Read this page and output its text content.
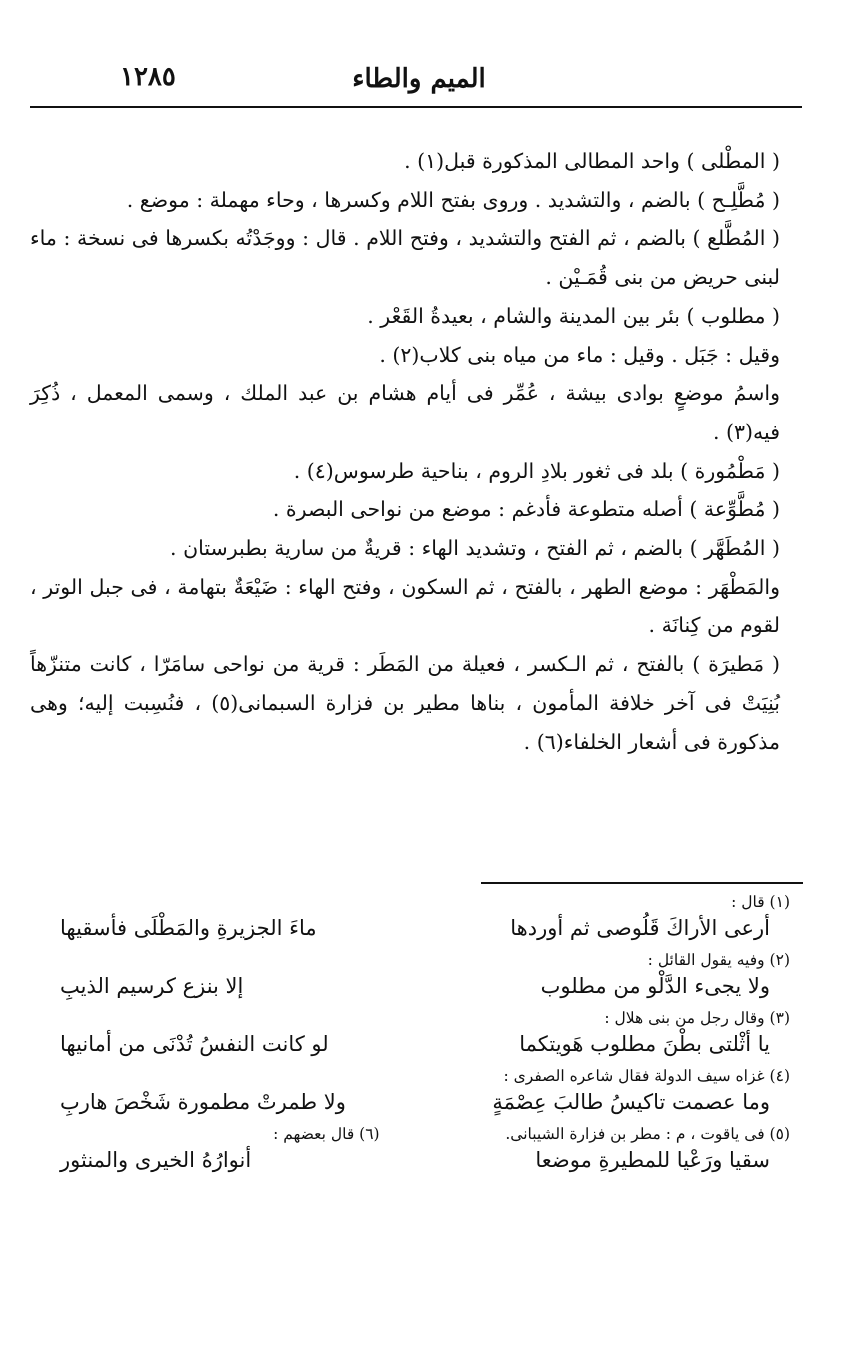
الميم والطاء
١٢٨٥

( المطْلى ) واحد المطالى المذكورة قبل(١) .

( مُطَّلِـح ) بالضم ، والتشديد . وروى بفتح اللام وكسرها ، وحاء مهملة : موضع .

( المُطَّلع ) بالضم ، ثم الفتح والتشديد ، وفتح اللام . قال : ووجَدْتُه بكسرها فى نسخة : ماء لبنى حريض من بنى قُمَـيْن .

( مطلوب ) بئر بين المدينة والشام ، بعيدةُ القَعْر .

وقيل : جَبَل . وقيل : ماء من مياه بنى كلاب(٢) .

واسمُ موضعٍ بوادى بيشة ، عُمِّر فى أيام هشام بن عبد الملك ، وسمى المعمل ، ذُكِرَ فيه(٣) .

( مَطْمُورة ) بلد فى ثغور بلادِ الروم ، بناحية طرسوس(٤) .

( مُطَّوِّعة ) أصله متطوعة فأدغم : موضع من نواحى البصرة .

( المُطَهَّر ) بالضم ، ثم الفتح ، وتشديد الهاء : قريةٌ من سارية بطبرستان .

والمَطْهَر : موضع الطهر ، بالفتح ، ثم السكون ، وفتح الهاء : ضَيْعَةٌ بتهامة ، فى جبل الوتر ، لقوم من كِنانَة .

( مَطيرَة ) بالفتح ، ثم الـكسر ، فعيلة من المَطَر : قرية من نواحى سامَرّا ، كانت متنزّهاً بُنِيَتْ فى آخر خلافة المأمون ، بناها مطير بن فزارة السبمانى(٥) ، فنُسِبت إليه؛ وهى مذكورة فى أشعار الخلفاء(٦) .

(١) قال :

أرعى الأراكَ قَلُوصى ثم أوردها
ماءَ الجزيرةِ والمَطْلَى فأسقيها

(٢) وفيه يقول القائل :

ولا يجىء الدَّلْو من مطلوب
إلا بنزع كرسيم الذيبِ

(٣) وقال رجل من بنى هلال :

يا أثْلتى بطْنَ مطلوب هَويتكما
لو كانت النفسُ تُدْنَى من أمانيها

(٤) غزاه سيف الدولة فقال شاعره الصفرى :

وما عصمت تاكيسُ طالبَ عِصْمَةٍ
ولا طمرتْ مطمورة شَخْصَ هاربِ
(٥) فى ياقوت ، م : مطر بن فزارة الشيبانى.
(٦) قال بعضهم :
سقيا ورَعْيا للمطيرةِ موضعا
أنوارُهُ الخيرى والمنثور
